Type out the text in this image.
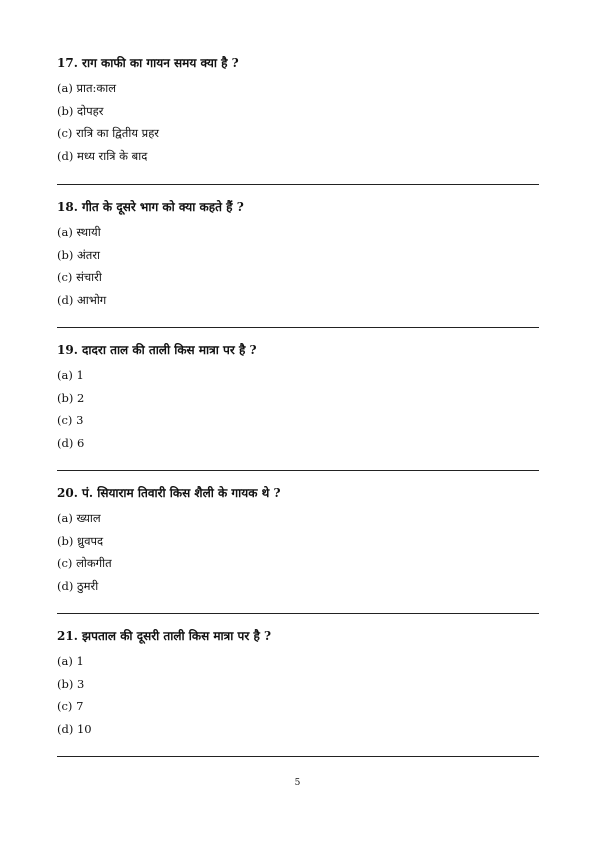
17. राग काफी का गायन समय क्या है ?
(a) प्रात:काल
(b) दोपहर
(c) रात्रि का द्वितीय प्रहर
(d) मध्य रात्रि के बाद
18. गीत के दूसरे भाग को क्या कहते हैं ?
(a) स्थायी
(b) अंतरा
(c) संचारी
(d) आभोग
19. दादरा ताल की ताली किस मात्रा पर है ?
(a) 1
(b) 2
(c) 3
(d) 6
20. पं. सियाराम तिवारी किस शैली के गायक थे ?
(a) ख्याल
(b) ध्रुवपद
(c) लोकगीत
(d) ठुमरी
21. झपताल की दूसरी ताली किस मात्रा पर है ?
(a) 1
(b) 3
(c) 7
(d) 10
5
